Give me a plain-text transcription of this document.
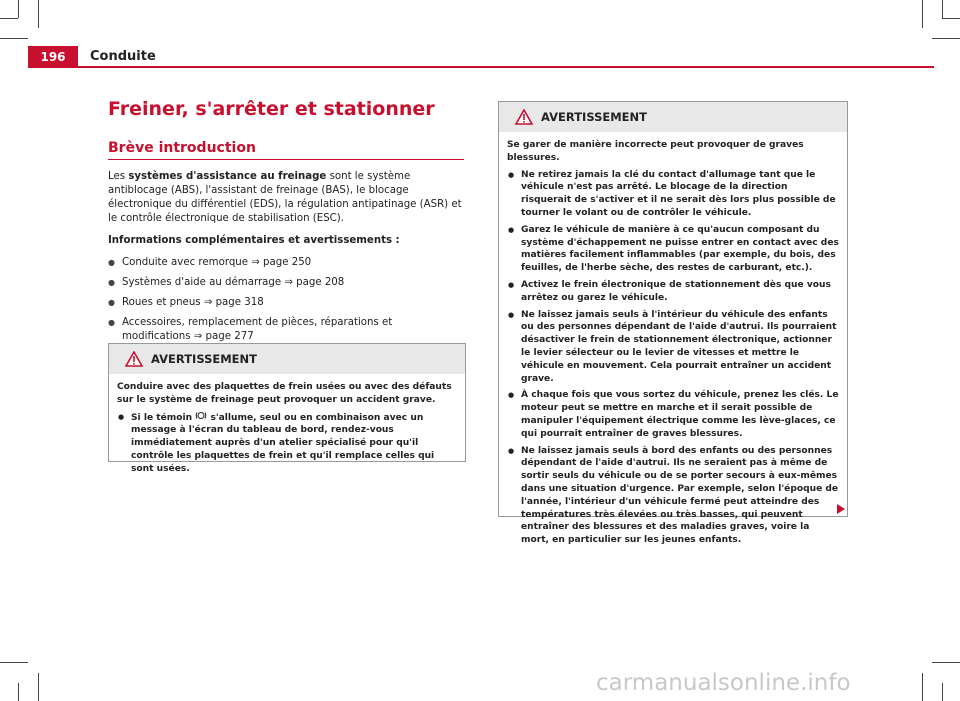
196	Conduite
Freiner, s'arrêter et stationner
Brève introduction

Les systèmes d'assistance au freinage sont le système antiblocage (ABS), l'assistant de freinage (BAS), le blocage électronique du différentiel (EDS), la régulation antipatinage (ASR) et le contrôle électronique de stabilisation (ESC).

Informations complémentaires et avertissements :

● Conduite avec remorque ⇒ page 250
● Systèmes d'aide au démarrage ⇒ page 208
● Roues et pneus ⇒ page 318
● Accessoires, remplacement de pièces, réparations et modifications ⇒ page 277
AVERTISSEMENT

Conduire avec des plaquettes de frein usées ou avec des défauts sur le système de freinage peut provoquer un accident grave.

● Si le témoin  s'allume, seul ou en combinaison avec un message à l'écran du tableau de bord, rendez-vous immédiatement auprès d'un atelier spécialisé pour qu'il contrôle les plaquettes de frein et qu'il remplace celles qui sont usées.

AVERTISSEMENT

Se garer de manière incorrecte peut provoquer de graves blessures.

● Ne retirez jamais la clé du contact d'allumage tant que le véhicule n'est pas arrêté. Le blocage de la direction risquerait de s'activer et il ne serait dès lors plus possible de tourner le volant ou de contrôler le véhicule.

● Garez le véhicule de manière à ce qu'aucun composant du système d'échappement ne puisse entrer en contact avec des matières facilement inflammables (par exemple, du bois, des feuilles, de l'herbe sèche, des restes de carburant, etc.).

● Activez le frein électronique de stationnement dès que vous arrêtez ou garez le véhicule.

● Ne laissez jamais seuls à l'intérieur du véhicule des enfants ou des personnes dépendant de l'aide d'autrui. Ils pourraient désactiver le frein de stationnement électronique, actionner le levier sélecteur ou le levier de vitesses et mettre le véhicule en mouvement. Cela pourrait entraîner un accident grave.

● À chaque fois que vous sortez du véhicule, prenez les clés. Le moteur peut se mettre en marche et il serait possible de manipuler l'équipement électrique comme les lève-glaces, ce qui pourrait entraîner de graves blessures.

● Ne laissez jamais seuls à bord des enfants ou des personnes dépendant de l'aide d'autrui. Ils ne seraient pas à même de sortir seuls du véhicule ou de se porter secours à eux-mêmes dans une situation d'urgence. Par exemple, selon l'époque de l'année, l'intérieur d'un véhicule fermé peut atteindre des températures très élevées ou très basses, qui peuvent entraîner des blessures et des maladies graves, voire la mort, en particulier sur les jeunes enfants.

carmanualsonline.info
